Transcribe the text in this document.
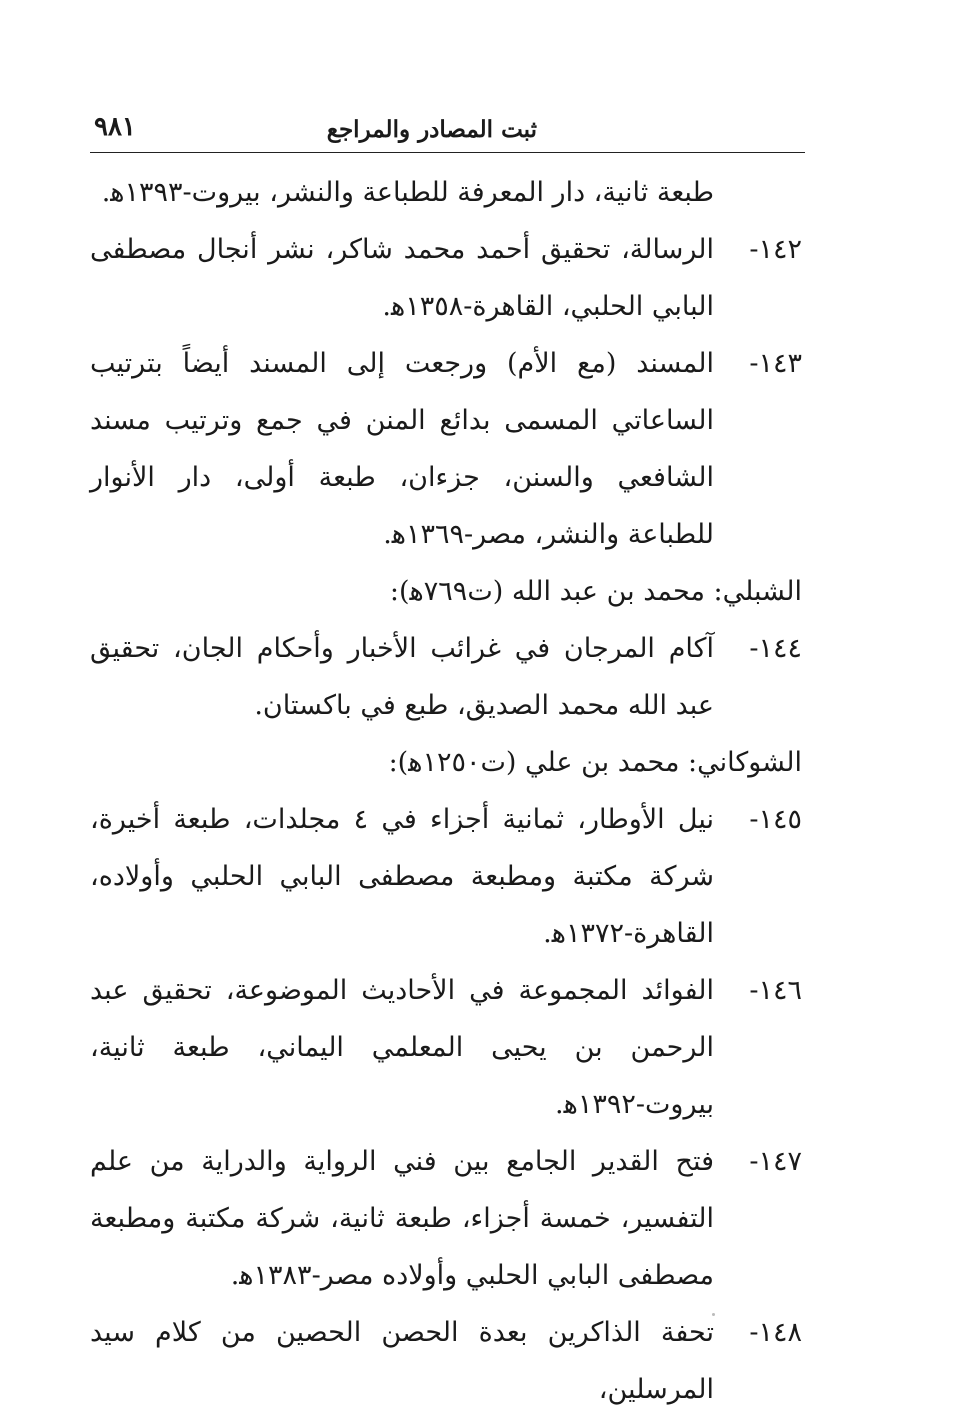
ثبت المصادر والمراجع
٩٨١
طبعة ثانية، دار المعرفة للطباعة والنشر، بيروت-١٣٩٣ﻫ.
١٤٢-
الرسالة، تحقيق أحمد محمد شاكر، نشر أنجال مصطفى البابي الحلبي، القاهرة-١٣٥٨ﻫ.
١٤٣-
المسند (مع الأم) ورجعت إلى المسند أيضاً بترتيب الساعاتي المسمى بدائع المنن في جمع وترتيب مسند الشافعي والسنن، جزءان، طبعة أولى، دار الأنوار للطباعة والنشر، مصر-١٣٦٩ﻫ.
الشبلي: محمد بن عبد الله (ت٧٦٩ﻫ):
١٤٤-
آكام المرجان في غرائب الأخبار وأحكام الجان، تحقيق عبد الله محمد الصديق، طبع في باكستان.
الشوكاني: محمد بن علي (ت١٢٥٠ﻫ):
١٤٥-
نيل الأوطار، ثمانية أجزاء في ٤ مجلدات، طبعة أخيرة، شركة مكتبة ومطبعة مصطفى البابي الحلبي وأولاده، القاهرة-١٣٧٢ﻫ.
١٤٦-
الفوائد المجموعة في الأحاديث الموضوعة، تحقيق عبد الرحمن بن يحيى المعلمي اليماني، طبعة ثانية، بيروت-١٣٩٢ﻫ.
١٤٧-
فتح القدير الجامع بين فني الرواية والدراية من علم التفسير، خمسة أجزاء، طبعة ثانية، شركة مكتبة ومطبعة مصطفى البابي الحلبي وأولاده مصر-١٣٨٣ﻫ.
١٤٨-
تحفة الذاكرين بعدة الحصن الحصين من كلام سيد المرسلين،
